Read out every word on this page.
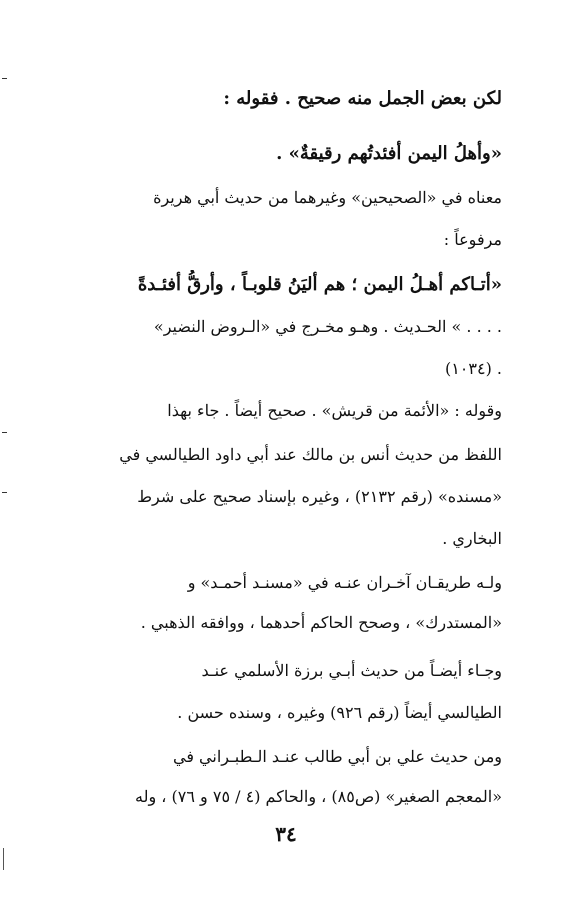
لكن بعض الجمل منه صحيح . فقوله :
«وأهلُ اليمن أفئدتُهم رقيقةٌ» .
معناه في «الصحيحين» وغيرهما من حديث أبي هريرة
مرفوعاً :
«أتـاكم أهـلُ اليمن ؛ هم أليَنُ قلوبـاً ، وأرقُّ أفئـدةً
. . . . » الحـديث . وهـو مخـرج في «الـروض النضير»
. (١٠٣٤)
وقوله : «الأئمة من قريش» . صحيح أيضاً . جاء بهذا
اللفظ من حديث أنس بن مالك عند أبي داود الطيالسي في
«مسنده» (رقم ٢١٣٢) ، وغيره بإسناد صحيح على شرط
البخاري .
ولـه طريقـان آخـران عنـه في «مسنـد أحمـد» و
«المستدرك» ، وصحح الحاكم أحدهما ، ووافقه الذهبي .
وجـاء أيضـاً من حديث أبـي برزة الأسلمي عنـد
الطيالسي أيضاً (رقم ٩٢٦) وغيره ، وسنده حسن .
ومن حديث علي بن أبي طالب عنـد الـطبـراني في
«المعجم الصغير» (ص٨٥) ، والحاكم (٤ / ٧٥ و ٧٦) ، وله
٣٤
